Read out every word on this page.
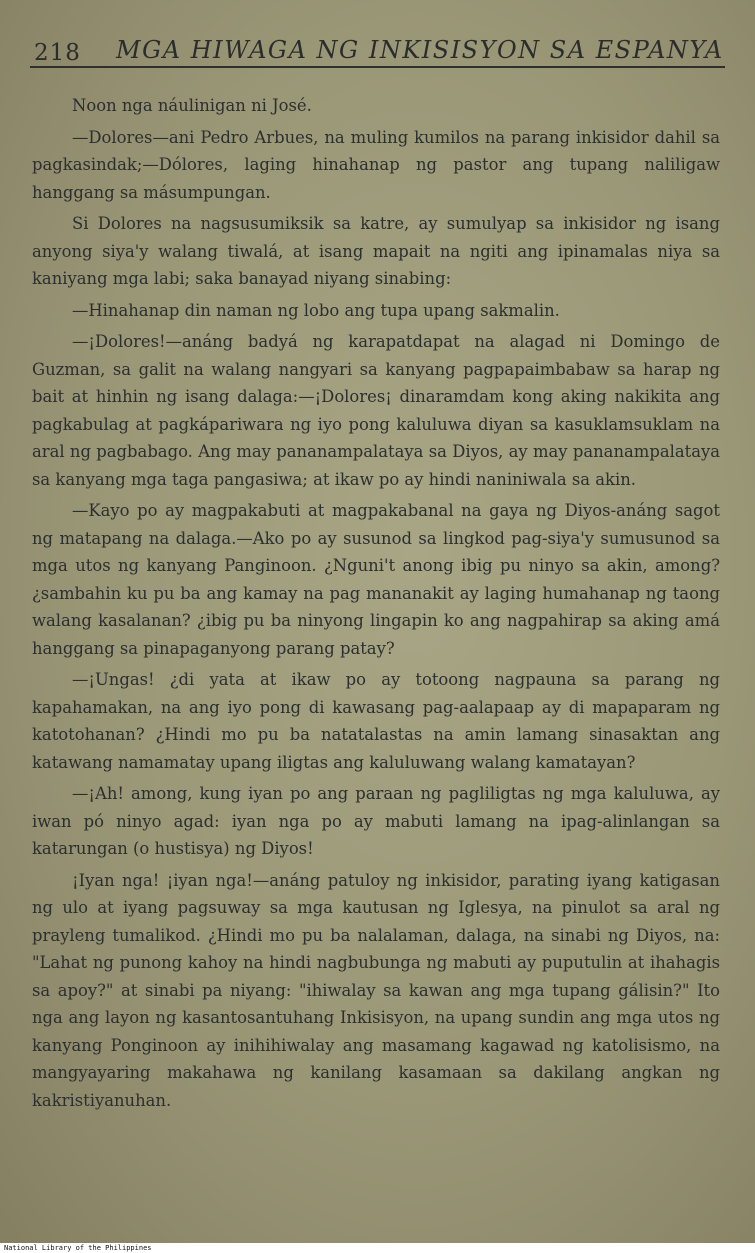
218 MGA HIWAGA NG INKISISYON SA ESPANYA

Noon nga náulinigan ni José.

—Dolores—ani Pedro Arbues, na muling kumilos na parang inkisidor dahil sa pagkasindak;—Dólores, laging hinahanap ng pastor ang tupang naliligaw hanggang sa másumpungan.

Si Dolores na nagsusumiksik sa katre, ay sumulyap sa inkisidor ng isang anyong siya'y walang tiwalá, at isang mapait na ngiti ang ipinamalas niya sa kaniyang mga labi; saka banayad niyang sinabing:

—Hinahanap din naman ng lobo ang tupa upang sakmalin.

—¡Dolores!—anáng badyá ng karapatdapat na alagad ni Domingo de Guzman, sa galit na walang nangyari sa kanyang pagpapaimbabaw sa harap ng bait at hinhin ng isang dalaga:—¡Dolores¡ dinaramdam kong aking nakikita ang pagkabulag at pagkápariwara ng iyo pong kaluluwa diyan sa kasuklamsuklam na aral ng pagbabago. Ang may pananampalataya sa Diyos, ay may pananampalataya sa kanyang mga taga pangasiwa; at ikaw po ay hindi naniniwala sa akin.

—Kayo po ay magpakabuti at magpakabanal na gaya ng Diyos-anáng sagot ng matapang na dalaga.—Ako po ay susunod sa lingkod pag-siya'y sumusunod sa mga utos ng kanyang Panginoon. ¿Nguni't anong ibig pu ninyo sa akin, among? ¿sambahin ku pu ba ang kamay na pag mananakit ay laging humahanap ng taong walang kasalanan? ¿ibig pu ba ninyong lingapin ko ang nagpahirap sa aking amá hanggang sa pinapaganyong parang patay?

—¡Ungas! ¿di yata at ikaw po ay totoong nagpauna sa parang ng kapahamakan, na ang iyo pong di kawasang pag-aalapaap ay di mapaparam ng katotohanan? ¿Hindi mo pu ba natatalastas na amin lamang sinasaktan ang katawang namamatay upang iligtas ang kaluluwang walang kamatayan?

—¡Ah! among, kung iyan po ang paraan ng pagliligtas ng mga kaluluwa, ay iwan pó ninyo agad: iyan nga po ay mabuti lamang na ipag-alinlangan sa katarungan (o hustisya) ng Diyos!

¡Iyan nga! ¡iyan nga!—anáng patuloy ng inkisidor, parating iyang katigasan ng ulo at iyang pagsuway sa mga kautusan ng Iglesya, na pinulot sa aral ng prayleng tumalikod. ¿Hindi mo pu ba nalalaman, dalaga, na sinabi ng Diyos, na: "Lahat ng punong kahoy na hindi nagbubunga ng mabuti ay puputulin at ihahagis sa apoy?" at sinabi pa niyang: "ihiwalay sa kawan ang mga tupang gálisin?" Ito nga ang layon ng kasantosantuhang Inkisisyon, na upang sundin ang mga utos ng kanyang Ponginoon ay inihihiwalay ang masamang kagawad ng katolisismo, na mangyayaring makahawa ng kanilang kasamaan sa dakilang angkan ng kakristiyanuhan.

National Library of the Philippines
